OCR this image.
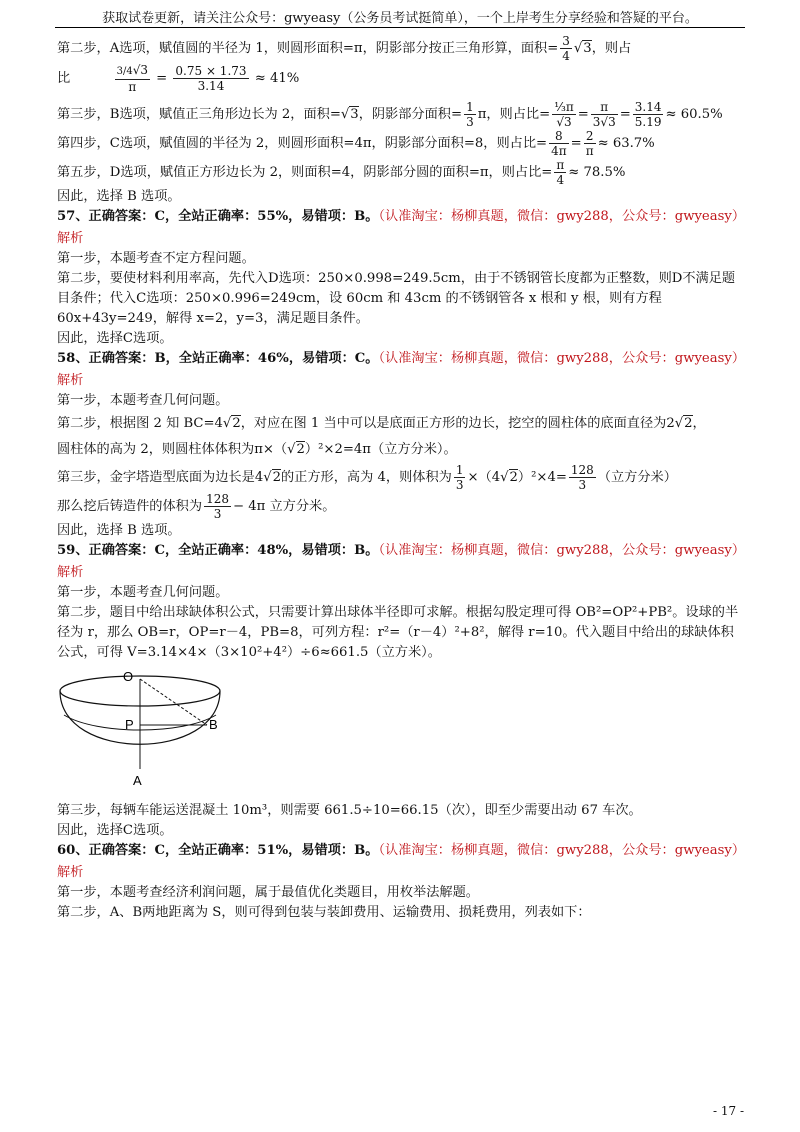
获取试卷更新，请关注公众号：gwyeasy（公务员考试挺简单），一个上岸考生分享经验和答疑的平台。

第二步，A选项，赋值圆的半径为 1，则圆形面积=π，阴影部分按正三角形算，面积= $\frac{3}{4} √3$，则占

比	$\frac{3/4√3}{\pi} = \frac{0.75 \times 1.73}{3.14} \approx 41\%$

第三步，B选项，赋值正三角形边长为 2，面积=√3，阴影部分面积= $\frac{1}{3}$ π，则占比= $\frac{\text{⅓π}}{√3} = \frac{\pi}{3√3} = \frac{3.14}{5.19} \approx 60.5\%$

第四步，C选项，赋值圆的半径为 2，则圆形面积=4π，阴影部分面积=8，则占比= $\frac{8}{4\pi} = \frac{2}{\pi} \approx 63.7\%$

第五步，D选项，赋值正方形边长为 2，则面积=4，阴影部分圆的面积=π，则占比= $\frac{\pi}{4} \approx 78.5\%$

因此，选择 B 选项。

57、正确答案：C，全站正确率：55%，易错项：B。（认准淘宝：杨柳真题，微信：gwy288，公众号：gwyeasy）

解析

第一步，本题考查不定方程问题。

第二步，要使材料利用率高，先代入D选项：250×0.998=249.5cm，由于不锈钢管长度都为正整数，则D不满足题目条件；代入C选项：250×0.996=249cm，设 60cm 和 43cm 的不锈钢管各 x 根和 y 根，则有方程 60x+43y=249，解得 x=2，y=3，满足题目条件。

因此，选择C选项。

58、正确答案：B，全站正确率：46%，易错项：C。（认准淘宝：杨柳真题，微信：gwy288，公众号：gwyeasy）

解析

第一步，本题考查几何问题。

第二步，根据图 2 知 BC=4√2，对应在图 1 当中可以是底面正方形的边长，挖空的圆柱体的底面直径为2√2，

圆柱体的高为 2，则圆柱体体积为π×（√2）²×2=4π（立方分米）。

第三步，金字塔造型底面为边长是4√2的正方形，高为 4，则体积为 $\frac{1}{3} \times(4√2)^2\times 4= \frac{128}{3}$ （立方分米）

那么挖后铸造件的体积为 $\frac{128}{3} - 4\pi$ 立方分米。

因此，选择 B 选项。

59、正确答案：C，全站正确率：48%，易错项：B。（认准淘宝：杨柳真题，微信：gwy288，公众号：gwyeasy）

解析

第一步，本题考查几何问题。

第二步，题目中给出球缺体积公式，只需要计算出球体半径即可求解。根据勾股定理可得 OB²=OP²+PB²。设球的半径为 r，那么 OB=r，OP=r－4，PB=8，可列方程：r²=（r－4）²+8²，解得 r=10。代入题目中给出的球缺体积公式，可得 V=3.14×4×（3×10²+4²）÷6≈661.5（立方米）。

O
P	B
A

第三步，每辆车能运送混凝土 10m³，则需要 661.5÷10=66.15（次），即至少需要出动 67 车次。

因此，选择C选项。

60、正确答案：C，全站正确率：51%，易错项：B。（认准淘宝：杨柳真题，微信：gwy288，公众号：gwyeasy）

解析

第一步，本题考查经济利润问题，属于最值优化类题目，用枚举法解题。

第二步，A、B两地距离为 S，则可得到包装与装卸费用、运输费用、损耗费用，列表如下：

- 17 -
